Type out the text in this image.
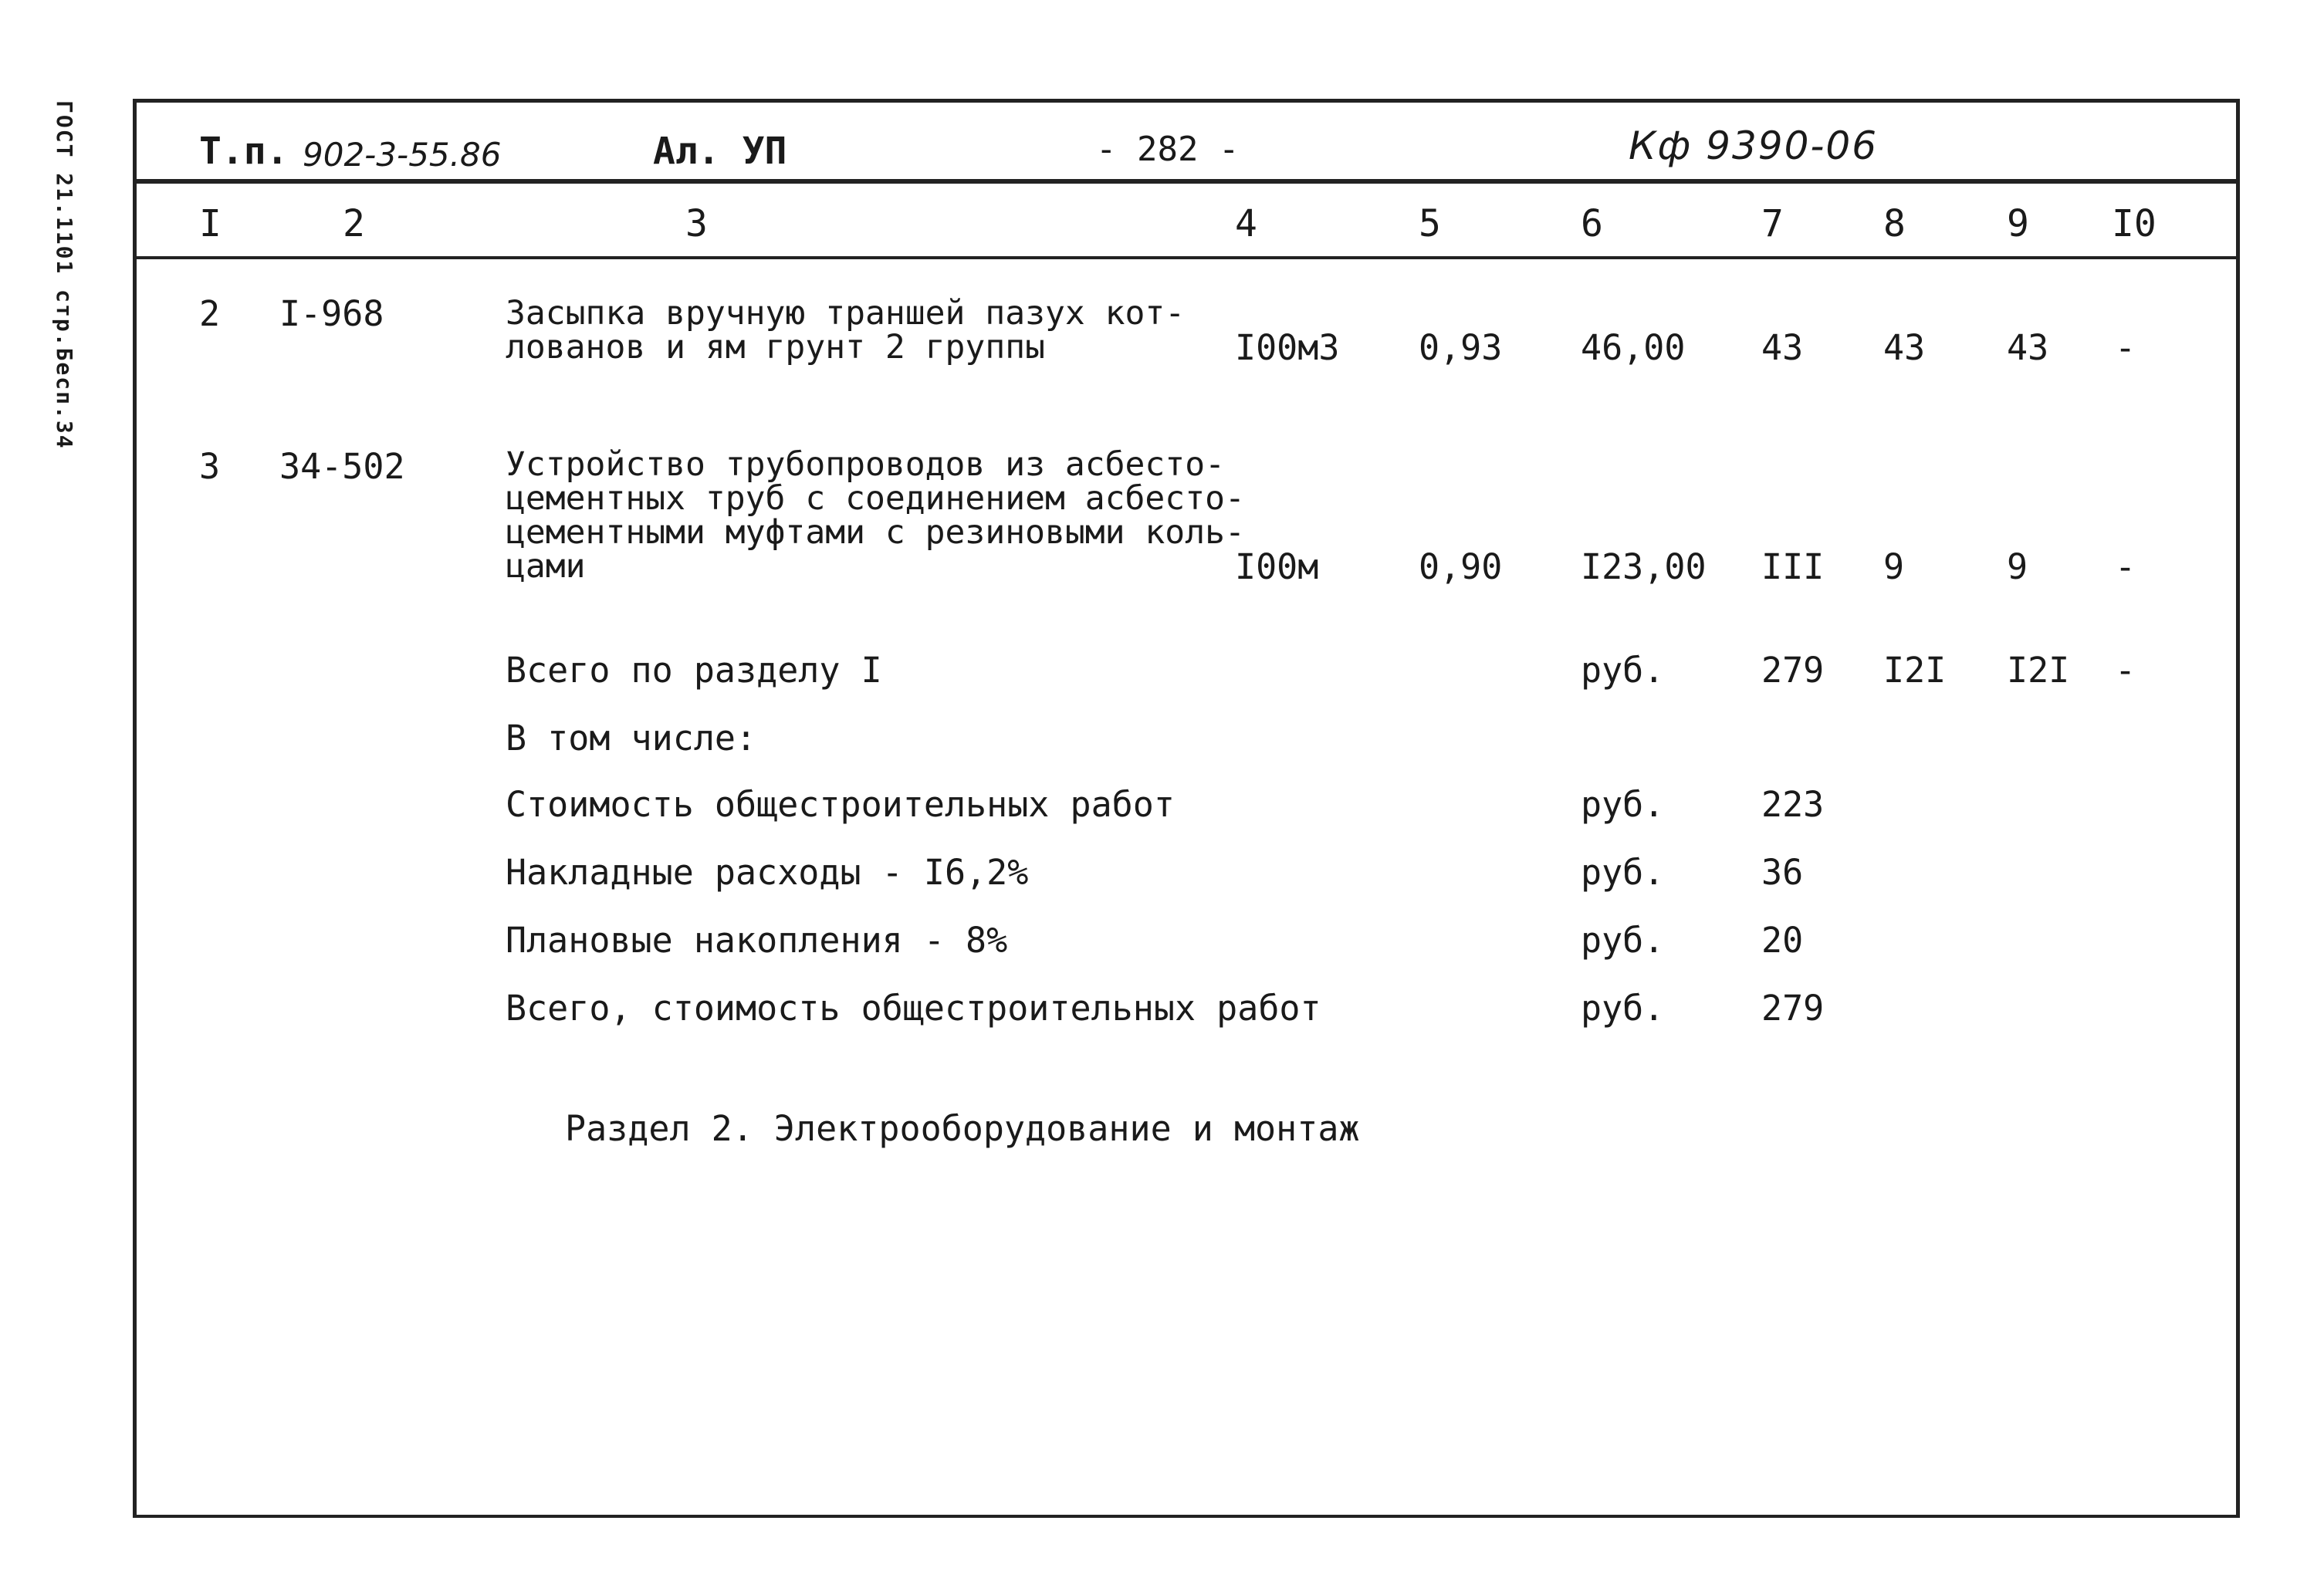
ГОСТ 21.1101 стр.Бесп.З4	Т.п. 902-3-55.86	Ал. УП	- 282 -	Кф 9390-06
I	2	3	4	5	6	7	8	9 I0
2 I-968	Засыпка вручную траншей пазух кот-
лованов и ям грунт 2 группы	I00м3 0,93 46,00 43 43 43 -
3 34-502	Устройство трубопроводов из асбесто-
цементных труб с соединением асбесто-
цементными муфтами с резиновыми коль-
цами	I00м	0,90 I23,00 III 9	9	-
Всего по разделу I	руб.	279 I2I I2I -
В том числе:
Стоимость общестроительных работ	руб.	223
Накладные расходы - I6,2%	руб.	36
Плановые накопления - 8%	руб.	20
Всего, стоимость общестроительных работ	руб.	279
Раздел 2. Электрооборудование и монтаж
